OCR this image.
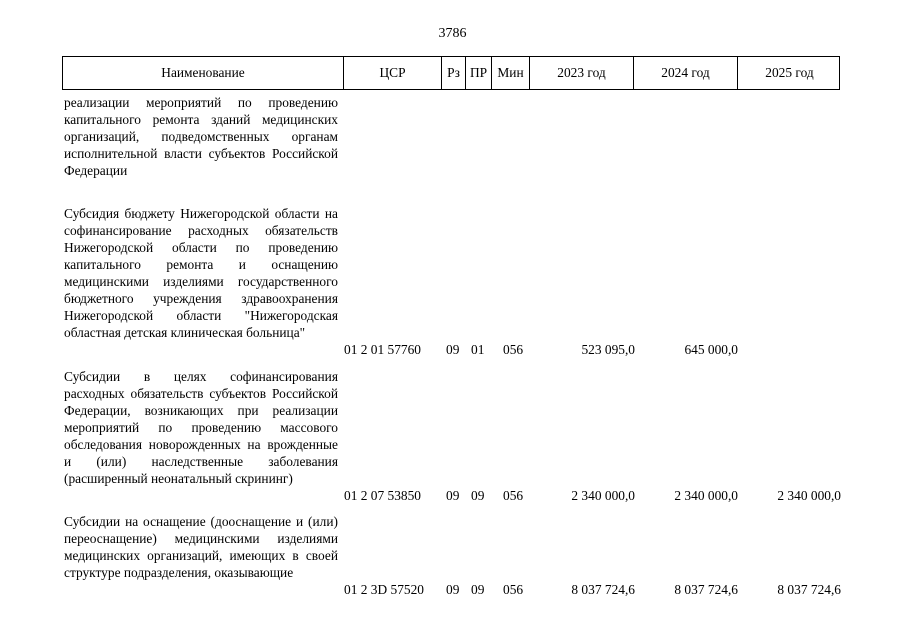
3786
Наименование	ЦСР	Рз ПР Мин	2023 год	2024 год	2025 год
реализации мероприятий по проведению капитального ремонта зданий медицинских организаций, подведомственных органам исполнительной власти субъектов Российской Федерации
Субсидия бюджету Нижегородской области на софинансирование расходных обязательств Нижегородской области по проведению капитального ремонта и оснащению медицинскими изделиями государственного бюджетного учреждения здравоохранения Нижегородской области "Нижегородская областная детская клиническая больница"
01 2 01 57760 09 01 056	523 095,0	645 000,0
Субсидии в целях софинансирования расходных обязательств субъектов Российской Федерации, возникающих при реализации мероприятий по проведению массового обследования новорожденных на врожденные и (или) наследственные заболевания (расширенный неонатальный скрининг)
01 2 07 53850 09 09 056	2 340 000,0	2 340 000,0	2 340 000,0
Субсидии на оснащение (дооснащение и (или) переоснащение) медицинскими изделиями медицинских организаций, имеющих в своей структуре подразделения, оказывающие
01 2 3D 57520 09 09 056	8 037 724,6	8 037 724,6	8 037 724,6
